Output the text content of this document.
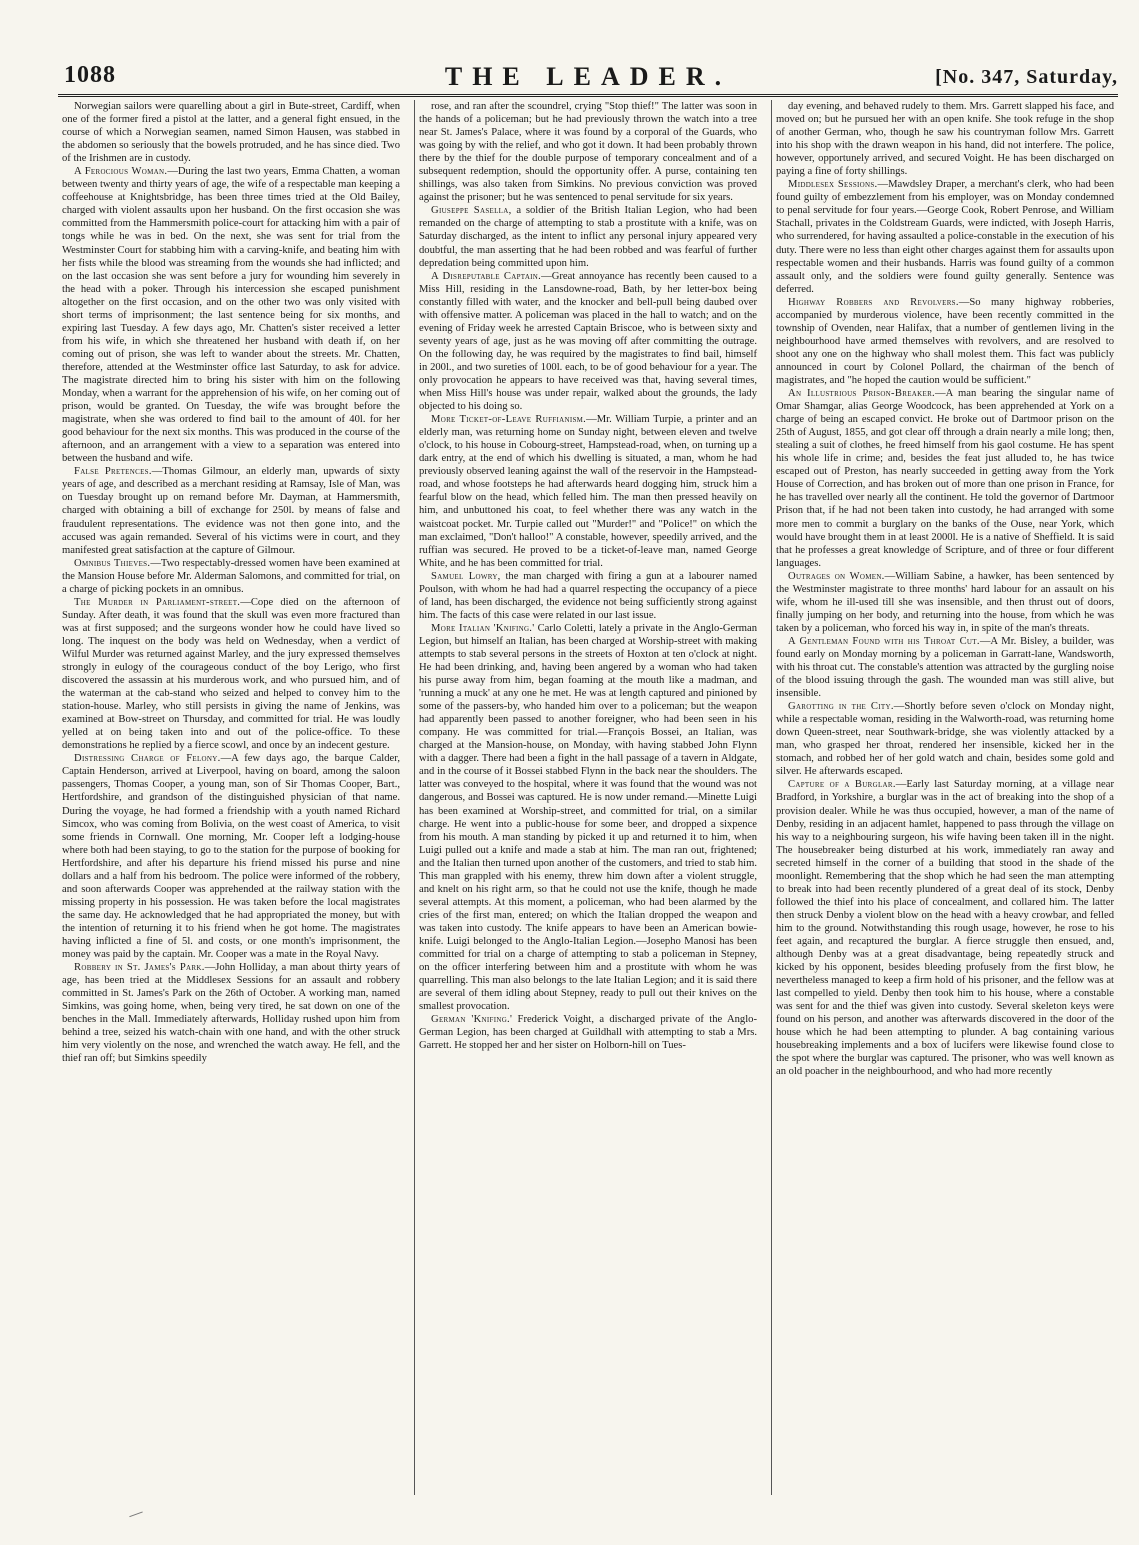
1088	THE LEADER.	[No. 347, Saturday,

Norwegian sailors were quarelling about a girl in Bute-street, Cardiff, when one of the former fired a pistol at the latter, and a general fight ensued, in the course of which a Norwegian seamen, named Simon Hausen, was stabbed in the abdomen so seriously that the bowels protruded, and he has since died. Two of the Irishmen are in custody.

A Ferocious Woman.—During the last two years, Emma Chatten, a woman between twenty and thirty years of age, the wife of a respectable man keeping a coffeehouse at Knightsbridge, has been three times tried at the Old Bailey, charged with violent assaults upon her husband. On the first occasion she was committed from the Hammersmith police-court for attacking him with a pair of tongs while he was in bed. On the next, she was sent for trial from the Westminster Court for stabbing him with a carving-knife, and beating him with her fists while the blood was streaming from the wounds she had inflicted; and on the last occasion she was sent before a jury for wounding him severely in the head with a poker. Through his intercession she escaped punishment altogether on the first occasion, and on the other two was only visited with short terms of imprisonment; the last sentence being for six months, and expiring last Tuesday. A few days ago, Mr. Chatten's sister received a letter from his wife, in which she threatened her husband with death if, on her coming out of prison, she was left to wander about the streets. Mr. Chatten, therefore, attended at the Westminster office last Saturday, to ask for advice. The magistrate directed him to bring his sister with him on the following Monday, when a warrant for the apprehension of his wife, on her coming out of prison, would be granted. On Tuesday, the wife was brought before the magistrate, when she was ordered to find bail to the amount of 40l. for her good behaviour for the next six months. This was produced in the course of the afternoon, and an arrangement with a view to a separation was entered into between the husband and wife.

False Pretences.—Thomas Gilmour, an elderly man, upwards of sixty years of age, and described as a merchant residing at Ramsay, Isle of Man, was on Tuesday brought up on remand before Mr. Dayman, at Hammersmith, charged with obtaining a bill of exchange for 250l. by means of false and fraudulent representations. The evidence was not then gone into, and the accused was again remanded. Several of his victims were in court, and they manifested great satisfaction at the capture of Gilmour.

Omnibus Thieves.—Two respectably-dressed women have been examined at the Mansion House before Mr. Alderman Salomons, and committed for trial, on a charge of picking pockets in an omnibus.

The Murder in Parliament-street.—Cope died on the afternoon of Sunday. After death, it was found that the skull was even more fractured than was at first supposed; and the surgeons wonder how he could have lived so long. The inquest on the body was held on Wednesday, when a verdict of Wilful Murder was returned against Marley, and the jury expressed themselves strongly in eulogy of the courageous conduct of the boy Lerigo, who first discovered the assassin at his murderous work, and who pursued him, and of the waterman at the cab-stand who seized and helped to convey him to the station-house. Marley, who still persists in giving the name of Jenkins, was examined at Bow-street on Thursday, and committed for trial. He was loudly yelled at on being taken into and out of the police-office. To these demonstrations he replied by a fierce scowl, and once by an indecent gesture.

Distressing Charge of Felony.—A few days ago, the barque Calder, Captain Henderson, arrived at Liverpool, having on board, among the saloon passengers, Thomas Cooper, a young man, son of Sir Thomas Cooper, Bart., Hertfordshire, and grandson of the distinguished physician of that name. During the voyage, he had formed a friendship with a youth named Richard Simcox, who was coming from Bolivia, on the west coast of America, to visit some friends in Cornwall. One morning, Mr. Cooper left a lodging-house where both had been staying, to go to the station for the purpose of booking for Hertfordshire, and after his departure his friend missed his purse and nine dollars and a half from his bedroom. The police were informed of the robbery, and soon afterwards Cooper was apprehended at the railway station with the missing property in his possession. He was taken before the local magistrates the same day. He acknowledged that he had appropriated the money, but with the intention of returning it to his friend when he got home. The magistrates having inflicted a fine of 5l. and costs, or one month's imprisonment, the money was paid by the captain. Mr. Cooper was a mate in the Royal Navy.

Robbery in St. James's Park.—John Holliday, a man about thirty years of age, has been tried at the Middlesex Sessions for an assault and robbery committed in St. James's Park on the 26th of October. A working man, named Simkins, was going home, when, being very tired, he sat down on one of the benches in the Mall. Immediately afterwards, Holliday rushed upon him from behind a tree, seized his watch-chain with one hand, and with the other struck him very violently on the nose, and wrenched the watch away. He fell, and the thief ran off; but Simkins speedily

rose, and ran after the scoundrel, crying "Stop thief!" The latter was soon in the hands of a policeman; but he had previously thrown the watch into a tree near St. James's Palace, where it was found by a corporal of the Guards, who was going by with the relief, and who got it down. It had been probably thrown there by the thief for the double purpose of temporary concealment and of a subsequent redemption, should the opportunity offer. A purse, containing ten shillings, was also taken from Simkins. No previous conviction was proved against the prisoner; but he was sentenced to penal servitude for six years.

Giuseppe Sasella, a soldier of the British Italian Legion, who had been remanded on the charge of attempting to stab a prostitute with a knife, was on Saturday discharged, as the intent to inflict any personal injury appeared very doubtful, the man asserting that he had been robbed and was fearful of further depredation being committed upon him.

A Disreputable Captain.—Great annoyance has recently been caused to a Miss Hill, residing in the Lansdowne-road, Bath, by her letter-box being constantly filled with water, and the knocker and bell-pull being daubed over with offensive matter. A policeman was placed in the hall to watch; and on the evening of Friday week he arrested Captain Briscoe, who is between sixty and seventy years of age, just as he was moving off after committing the outrage. On the following day, he was required by the magistrates to find bail, himself in 200l., and two sureties of 100l. each, to be of good behaviour for a year. The only provocation he appears to have received was that, having several times, when Miss Hill's house was under repair, walked about the grounds, the lady objected to his doing so.

More Ticket-of-Leave Ruffianism.—Mr. William Turpie, a printer and an elderly man, was returning home on Sunday night, between eleven and twelve o'clock, to his house in Cobourg-street, Hampstead-road, when, on turning up a dark entry, at the end of which his dwelling is situated, a man, whom he had previously observed leaning against the wall of the reservoir in the Hampstead-road, and whose footsteps he had afterwards heard dogging him, struck him a fearful blow on the head, which felled him. The man then pressed heavily on him, and unbuttoned his coat, to feel whether there was any watch in the waistcoat pocket. Mr. Turpie called out "Murder!" and "Police!" on which the man exclaimed, "Don't halloo!" A constable, however, speedily arrived, and the ruffian was secured. He proved to be a ticket-of-leave man, named George White, and he has been committed for trial.

Samuel Lowry, the man charged with firing a gun at a labourer named Poulson, with whom he had had a quarrel respecting the occupancy of a piece of land, has been discharged, the evidence not being sufficiently strong against him. The facts of this case were related in our last issue.

More Italian 'Knifing.' Carlo Coletti, lately a private in the Anglo-German Legion, but himself an Italian, has been charged at Worship-street with making attempts to stab several persons in the streets of Hoxton at ten o'clock at night. He had been drinking, and, having been angered by a woman who had taken his purse away from him, began foaming at the mouth like a madman, and 'running a muck' at any one he met. He was at length captured and pinioned by some of the passers-by, who handed him over to a policeman; but the weapon had apparently been passed to another foreigner, who had been seen in his company. He was committed for trial.—François Bossei, an Italian, was charged at the Mansion-house, on Monday, with having stabbed John Flynn with a dagger. There had been a fight in the hall passage of a tavern in Aldgate, and in the course of it Bossei stabbed Flynn in the back near the shoulders. The latter was conveyed to the hospital, where it was found that the wound was not dangerous, and Bossei was captured. He is now under remand.—Minette Luigi has been examined at Worship-street, and committed for trial, on a similar charge. He went into a public-house for some beer, and dropped a sixpence from his mouth. A man standing by picked it up and returned it to him, when Luigi pulled out a knife and made a stab at him. The man ran out, frightened; and the Italian then turned upon another of the customers, and tried to stab him. This man grappled with his enemy, threw him down after a violent struggle, and knelt on his right arm, so that he could not use the knife, though he made several attempts. At this moment, a policeman, who had been alarmed by the cries of the first man, entered; on which the Italian dropped the weapon and was taken into custody. The knife appears to have been an American bowie-knife. Luigi belonged to the Anglo-Italian Legion.—Josepho Manosi has been committed for trial on a charge of attempting to stab a policeman in Stepney, on the officer interfering between him and a prostitute with whom he was quarrelling. This man also belongs to the late Italian Legion; and it is said there are several of them idling about Stepney, ready to pull out their knives on the smallest provocation.

German 'Knifing.' Frederick Voight, a discharged private of the Anglo-German Legion, has been charged at Guildhall with attempting to stab a Mrs. Garrett. He stopped her and her sister on Holborn-hill on Tues-

day evening, and behaved rudely to them. Mrs. Garrett slapped his face, and moved on; but he pursued her with an open knife. She took refuge in the shop of another German, who, though he saw his countryman follow Mrs. Garrett into his shop with the drawn weapon in his hand, did not interfere. The police, however, opportunely arrived, and secured Voight. He has been discharged on paying a fine of forty shillings.

Middlesex Sessions.—Mawdsley Draper, a merchant's clerk, who had been found guilty of embezzlement from his employer, was on Monday condemned to penal servitude for four years.—George Cook, Robert Penrose, and William Stachall, privates in the Coldstream Guards, were indicted, with Joseph Harris, who surrendered, for having assaulted a police-constable in the execution of his duty. There were no less than eight other charges against them for assaults upon respectable women and their husbands. Harris was found guilty of a common assault only, and the soldiers were found guilty generally. Sentence was deferred.

Highway Robbers and Revolvers.—So many highway robberies, accompanied by murderous violence, have been recently committed in the township of Ovenden, near Halifax, that a number of gentlemen living in the neighbourhood have armed themselves with revolvers, and are resolved to shoot any one on the highway who shall molest them. This fact was publicly announced in court by Colonel Pollard, the chairman of the bench of magistrates, and "he hoped the caution would be sufficient."

An Illustrious Prison-Breaker.—A man bearing the singular name of Omar Shamgar, alias George Woodcock, has been apprehended at York on a charge of being an escaped convict. He broke out of Dartmoor prison on the 25th of August, 1855, and got clear off through a drain nearly a mile long; then, stealing a suit of clothes, he freed himself from his gaol costume. He has spent his whole life in crime; and, besides the feat just alluded to, he has twice escaped out of Preston, has nearly succeeded in getting away from the York House of Correction, and has broken out of more than one prison in France, for he has travelled over nearly all the continent. He told the governor of Dartmoor Prison that, if he had not been taken into custody, he had arranged with some more men to commit a burglary on the banks of the Ouse, near York, which would have brought them in at least 2000l. He is a native of Sheffield. It is said that he professes a great knowledge of Scripture, and of three or four different languages.

Outrages on Women.—William Sabine, a hawker, has been sentenced by the Westminster magistrate to three months' hard labour for an assault on his wife, whom he ill-used till she was insensible, and then thrust out of doors, finally jumping on her body, and returning into the house, from which he was taken by a policeman, who forced his way in, in spite of the man's threats.

A Gentleman Found with his Throat Cut.—A Mr. Bisley, a builder, was found early on Monday morning by a policeman in Garratt-lane, Wandsworth, with his throat cut. The constable's attention was attracted by the gurgling noise of the blood issuing through the gash. The wounded man was still alive, but insensible.

Garotting in the City.—Shortly before seven o'clock on Monday night, while a respectable woman, residing in the Walworth-road, was returning home down Queen-street, near Southwark-bridge, she was violently attacked by a man, who grasped her throat, rendered her insensible, kicked her in the stomach, and robbed her of her gold watch and chain, besides some gold and silver. He afterwards escaped.

Capture of a Burglar.—Early last Saturday morning, at a village near Bradford, in Yorkshire, a burglar was in the act of breaking into the shop of a provision dealer. While he was thus occupied, however, a man of the name of Denby, residing in an adjacent hamlet, happened to pass through the village on his way to a neighbouring surgeon, his wife having been taken ill in the night. The housebreaker being disturbed at his work, immediately ran away and secreted himself in the corner of a building that stood in the shade of the moonlight. Remembering that the shop which he had seen the man attempting to break into had been recently plundered of a great deal of its stock, Denby followed the thief into his place of concealment, and collared him. The latter then struck Denby a violent blow on the head with a heavy crowbar, and felled him to the ground. Notwithstanding this rough usage, however, he rose to his feet again, and recaptured the burglar. A fierce struggle then ensued, and, although Denby was at a great disadvantage, being repeatedly struck and kicked by his opponent, besides bleeding profusely from the first blow, he nevertheless managed to keep a firm hold of his prisoner, and the fellow was at last compelled to yield. Denby then took him to his house, where a constable was sent for and the thief was given into custody. Several skeleton keys were found on his person, and another was afterwards discovered in the door of the house which he had been attempting to plunder. A bag containing various housebreaking implements and a box of lucifers were likewise found close to the spot where the burglar was captured. The prisoner, who was well known as an old poacher in the neighbourhood, and who had more recently
